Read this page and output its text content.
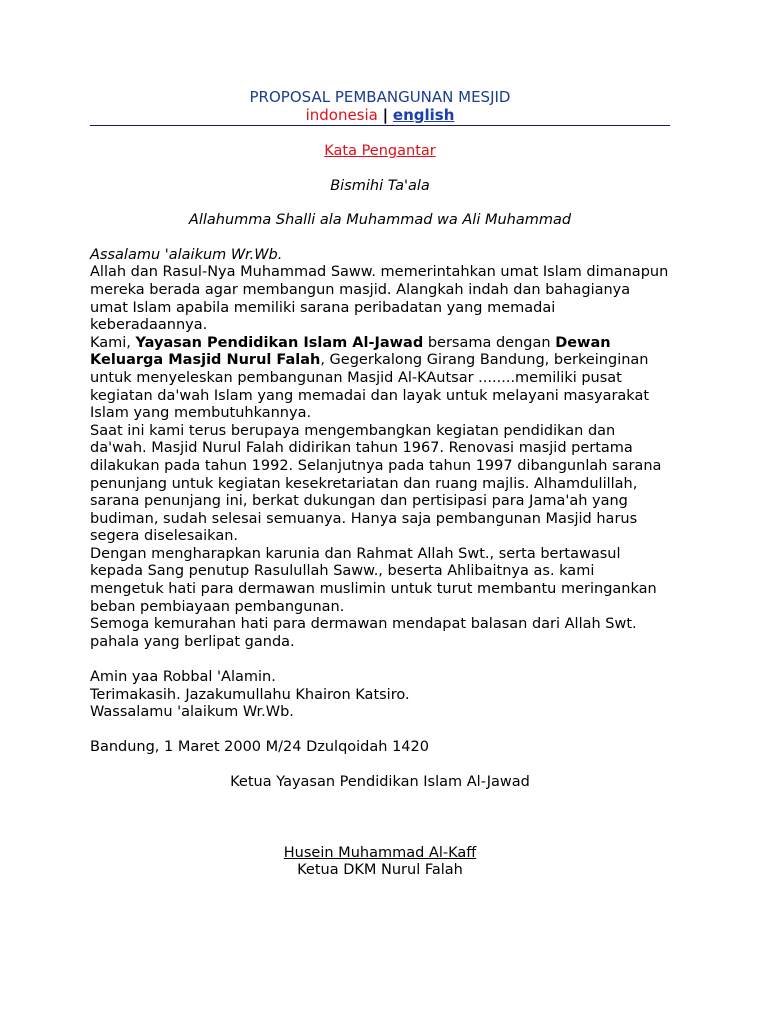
PROPOSAL PEMBANGUNAN MESJID
indonesia | english
Kata Pengantar
Bismihi Ta'ala
Allahumma Shalli ala Muhammad wa Ali Muhammad
Assalamu 'alaikum Wr.Wb.
Allah dan Rasul-Nya Muhammad Saww. memerintahkan umat Islam dimanapun mereka berada agar membangun masjid. Alangkah indah dan bahagianya umat Islam apabila memiliki sarana peribadatan yang memadai keberadaannya.
Kami, Yayasan Pendidikan Islam Al-Jawad bersama dengan Dewan Keluarga Masjid Nurul Falah, Gegerkalong Girang Bandung, berkeinginan untuk menyeleskan pembangunan Masjid Al-KAutsar ........memiliki pusat kegiatan da'wah Islam yang memadai dan layak untuk melayani masyarakat Islam yang membutuhkannya.
Saat ini kami terus berupaya mengembangkan kegiatan pendidikan dan da'wah. Masjid Nurul Falah didirikan tahun 1967. Renovasi masjid pertama dilakukan pada tahun 1992. Selanjutnya pada tahun 1997 dibangunlah sarana penunjang untuk kegiatan kesekretariatan dan ruang majlis. Alhamdulillah, sarana penunjang ini, berkat dukungan dan pertisipasi para Jama'ah yang budiman, sudah selesai semuanya. Hanya saja pembangunan Masjid harus segera diselesaikan.
Dengan mengharapkan karunia dan Rahmat Allah Swt., serta bertawasul kepada Sang penutup Rasulullah Saww., beserta Ahlibaitnya as. kami mengetuk hati para dermawan muslimin untuk turut membantu meringankan beban pembiayaan pembangunan.
Semoga kemurahan hati para dermawan mendapat balasan dari Allah Swt. pahala yang berlipat ganda.
Amin yaa Robbal 'Alamin.
Terimakasih. Jazakumullahu Khairon Katsiro.
Wassalamu 'alaikum Wr.Wb.
Bandung, 1 Maret 2000 M/24 Dzulqoidah 1420
Ketua Yayasan Pendidikan Islam Al-Jawad
Husein Muhammad Al-Kaff
Ketua DKM Nurul Falah
